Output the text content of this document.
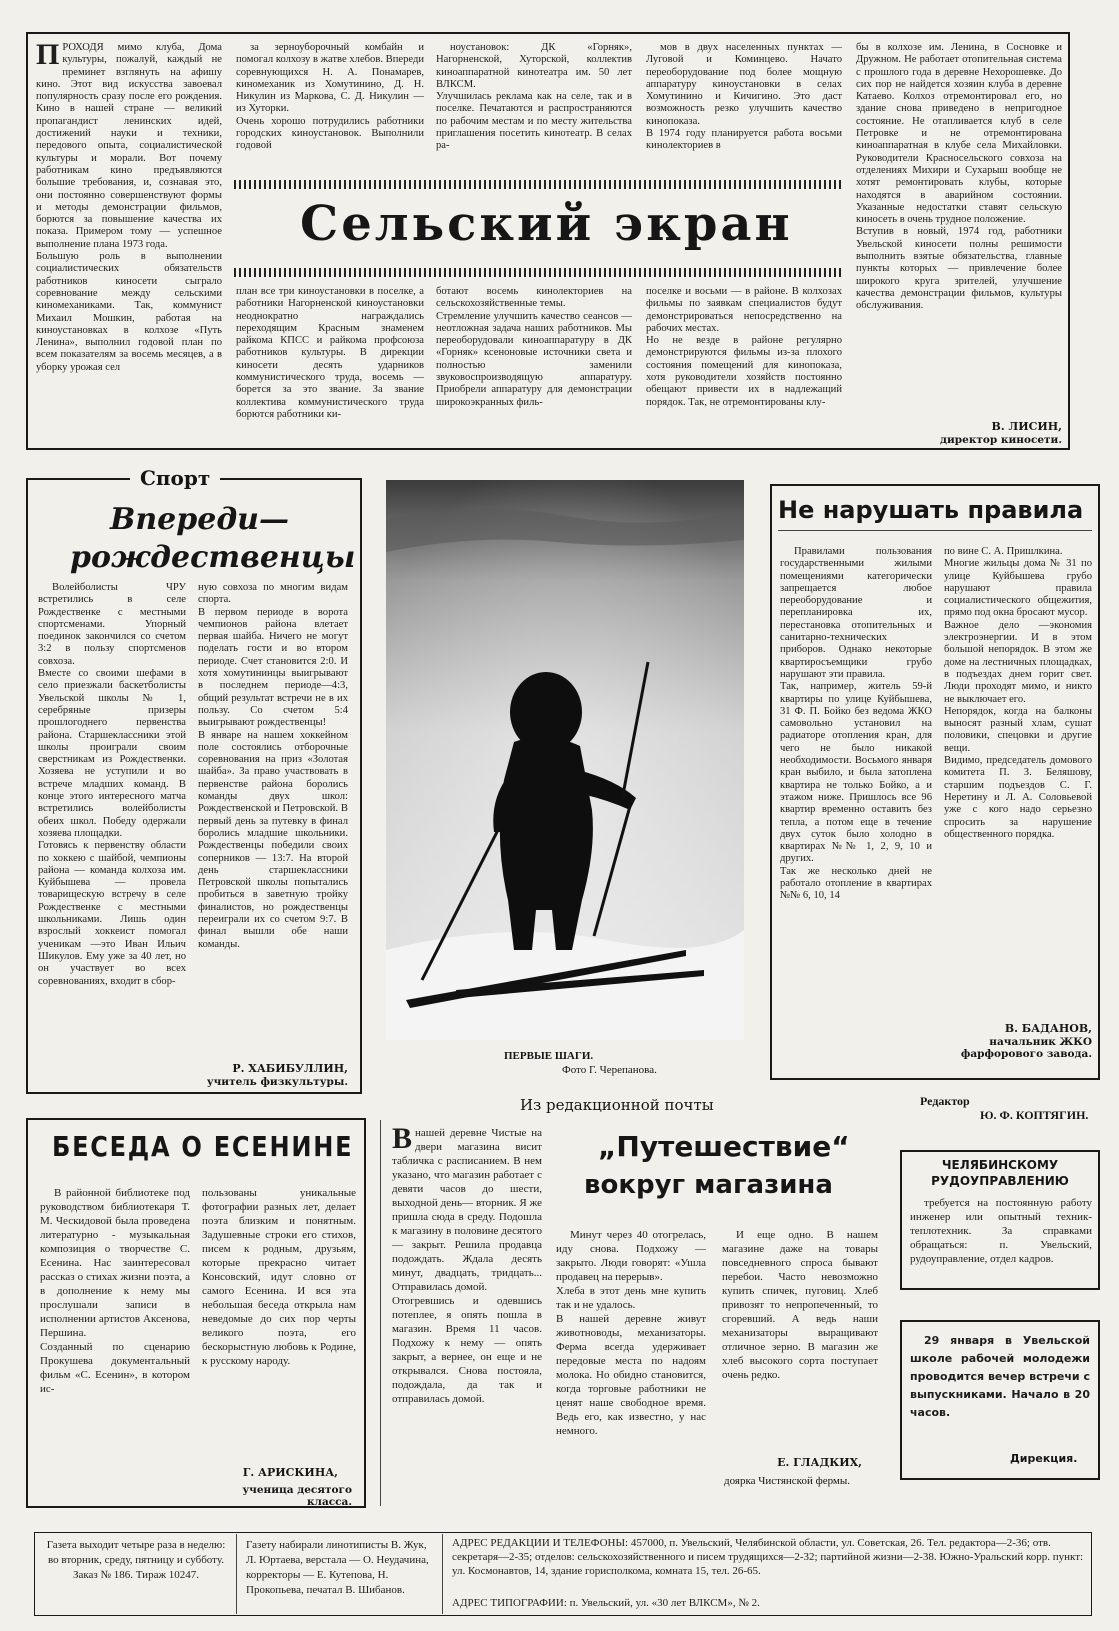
ПРОХОДЯ мимо клуба, Дома культуры, пожалуй, каждый не преминет взглянуть на афишу кино. Этот вид искусства завоевал популярность сразу после его рождения. Кино в нашей стране — великий пропагандист ленинских идей, достижений науки и техники, передового опыта, социалистической культуры и морали. Вот почему работникам кино предъявляются большие требования, и, сознавая это, они постоянно совершенствуют формы и методы демонстрации фильмов, борются за повышение качества их показа. Примером тому — успешное выполнение плана 1973 года.
Большую роль в выполнении социалистических обязательств работников киносети сыграло соревнование между сельскими киномеханиками. Так, коммунист Михаил Мошкин, работая на киноустановках в колхозе «Путь Ленина», выполнил годовой план по всем показателям за восемь месяцев, а в уборку урожая сел

за зерноуборочный комбайн и помогал колхозу в жатве хлебов. Впереди соревнующихся Н. А. Понамарев, киномеханик из Хомутинино, Д. Н. Никулин из Маркова, С. Д. Никулин — из Хуторки.
Очень хорошо потрудились работники городских киноустановок. Выполнили годовой

ноустановок: ДК «Горняк», Нагорненской, Хуторской, коллектив киноаппаратной кинотеатра им. 50 лет ВЛКСМ.
Улучшилась реклама как на селе, так и в поселке. Печатаются и распространяются по рабочим местам и по месту жительства приглашения посетить кинотеатр. В селах ра-

мов в двух населенных пунктах —Луговой и Коминцево. Начато переоборудование под более мощную аппаратуру киноустановки в селах Хомутинино и Кичигино. Это даст возможность резко улучшить качество кинопоказа.
В 1974 году планируется работа восьми кинолекториев в

Сельский экран

план все три киноустановки в поселке, а работники Нагорненской киноустановки неоднократно награждались переходящим Красным знаменем райкома КПСС и райкома профсоюза работников культуры. В дирекции киносети десять ударников коммунистического труда, восемь — борется за это звание. За звание коллектива коммунистического труда борются работники ки-

ботают восемь кинолекториев на сельскохозяйственные темы.
Стремление улучшить качество сеансов —неотложная задача наших работников. Мы переоборудовали киноаппаратуру в ДК «Горняк» ксеноновые источники света и полностью заменили звуковоспроизводящую аппаратуру. Приобрели аппаратуру для демонстрации широкоэкранных филь-

поселке и восьми — в районе. В колхозах фильмы по заявкам специалистов будут демонстрироваться непосредственно на рабочих местах.
Но не везде в районе регулярно демонстрируются фильмы из-за плохого состояния помещений для кинопоказа, хотя руководители хозяйств постоянно обещают привести их в надлежащий порядок. Так, не отремонтированы клу-

бы в колхозе им. Ленина, в Сосновке и Дружном. Не работает отопительная система с прошлого года в деревне Нехорошевке. До сих пор не найдется хозяин клуба в деревне Катаево. Колхоз отремонтировал его, но здание снова приведено в непригодное состояние. Не отапливается клуб в селе Петровке и не отремонтирована киноаппаратная в клубе села Михайловки. Руководители Красносельского совхоза на отделениях Михири и Сухарыш вообще не хотят ремонтировать клубы, которые находятся в аварийном состоянии. Указанные недостатки ставят сельскую киносеть в очень трудное положение.
Вступив в новый, 1974 год, работники Увельской киносети полны решимости выполнить взятые обязательства, главные пункты которых — привлечение более широкого круга зрителей, улучшение качества демонстрации фильмов, культуры обслуживания.

В. ЛИСИН,
директор киносети.
Спорт
Впереди—
рождественцы

Волейболисты ЧРУ встретились в селе Рождественке с местными спортсменами. Упорный поединок закончился со счетом 3:2 в пользу спортсменов совхоза.
Вместе со своими шефами в село приезжали баскетболисты Увельской школы № 1, серебряные призеры прошлогоднего первенства района. Старшеклассники этой школы проиграли своим сверстникам из Рождественки. Хозяева не уступили и во встрече младших команд. В конце этого интересного матча встретились волейболисты обеих школ. Победу одержали хозяева площадки.
Готовясь к первенству области по хоккею с шайбой, чемпионы района — команда колхоза им. Куйбышева — провела товарищескую встречу в селе Рождественке с местными школьниками. Лишь один взрослый хоккеист помогал ученикам —это Иван Ильич Шикулов. Ему уже за 40 лет, но он участвует во всех соревнованиях, входит в сбор-

ную совхоза по многим видам спорта.
В первом периоде в ворота чемпионов района влетает первая шайба. Ничего не могут поделать гости и во втором периоде. Счет становится 2:0. И хотя хомутининцы выигрывают в последнем периоде—4:3, общий результат встречи не в их пользу. Со счетом 5:4 выигрывают рождественцы!
В январе на нашем хоккейном поле состоялись отборочные соревнования на приз «Золотая шайба». За право участвовать в первенстве района боролись команды двух школ: Рождественской и Петровской. В первый день за путевку в финал боролись младшие школьники. Рождественцы победили своих соперников — 13:7. На второй день старшеклассники Петровской школы попытались пробиться в заветную тройку финалистов, но рождественцы переиграли их со счетом 9:7. В финал вышли обе наши команды.

Р. ХАБИБУЛЛИН,
учитель физкультуры.
ПЕРВЫЕ ШАГИ.
Фото Г. Черепанова.
Не нарушать правила

Правилами пользования государственными жилыми помещениями категорически запрещается любое переоборудование и перепланировка их, перестановка отопительных и санитарно-технических приборов. Однако некоторые квартиросъемщики грубо нарушают эти правила.
Так, например, житель 59-й квартиры по улице Куйбышева, 31 Ф. П. Бойко без ведома ЖКО самовольно установил на радиаторе отопления кран, для чего не было никакой необходимости. Восьмого января кран выбило, и была затоплена квартира не только Бойко, а и этажом ниже. Пришлось все 96 квартир временно оставить без тепла, а потом еще в течение двух суток было холодно в квартирах №№ 1, 2, 9, 10 и других.
Так же несколько дней не работало отопление в квартирах №№ 6, 10, 14

по вине С. А. Пришлкина.
Многие жильцы дома № 31 по улице Куйбышева грубо нарушают правила социалистического общежития, прямо под окна бросают мусор.
Важное дело —экономия электроэнергии. И в этом большой непорядок. В этом же доме на лестничных площадках, в подъездах днем горит свет. Люди проходят мимо, и никто не выключает его.
Непорядок, когда на балконы выносят разный хлам, сушат половики, спецовки и другие вещи.
Видимо, председатель домового комитета П. З. Беляшову, старшим подъездов С. Г. Неретину и Л. А. Соловьевой уже с кого надо серьезно спросить за нарушение общественного порядка.

В. БАДАНОВ,
начальник ЖКО фарфорового завода.
Из редакционной почты	Редактор
Ю. Ф. КОПТЯГИН.
БЕСЕДА О ЕСЕНИНЕ

В районной библиотеке под руководством библиотекаря Т. М. Ческидовой была проведена литературно - музыкальная композиция о творчестве С. Есенина. Нас заинтересовал рассказ о стихах жизни поэта, а в дополнение к нему мы прослушали записи в исполнении артистов Аксенова, Першина.
Созданный по сценарию Прокушева документальный фильм «С. Есенин», в котором ис-

пользованы уникальные фотографии разных лет, делает поэта близким и понятным. Задушевные строки его стихов, писем к родным, друзьям, которые прекрасно читает Консовский, идут словно от самого Есенина. И вся эта небольшая беседа открыла нам неведомые до сих пор черты великого поэта, его бескорыстную любовь к Родине, к русскому народу.

Г. АРИСКИНА,
ученица десятого класса.

Внашей деревне Чистые на двери магазина висит табличка с расписанием. В нем указано, что магазин работает с девяти часов до шести, выходной день— вторник. Я же пришла сюда в среду. Подошла к магазину в половине десятого — закрыт. Решила продавца подождать. Ждала десять минут, двадцать, тридцать... Отправилась домой.
Отогревшись и одевшись потеплее, я опять пошла в магазин. Время 11 часов. Подхожу к нему — опять закрыт, а вернее, он еще и не открывался. Снова постояла, подождала, да так и отправилась домой.

„Путешествие“
вокруг магазина

Минут через 40 отогрелась, иду снова. Подхожу — закрыто. Люди говорят: «Ушла продавец на перерыв».
Хлеба в этот день мне купить так и не удалось.
В нашей деревне живут животноводы, механизаторы. Ферма всегда удерживает передовые места по надоям молока. Но обидно становится, когда торговые работники не ценят наше свободное время. Ведь его, как известно, у нас немного.

И еще одно. В нашем магазине даже на товары повседневного спроса бывают перебои. Часто невозможно купить спичек, пуговиц. Хлеб привозят то непропеченный, то сгоревший. А ведь наши механизаторы выращивают отличное зерно. В магазин же хлеб высокого сорта поступает очень редко.

Е. ГЛАДКИХ,
доярка Чистянской фермы.
ЧЕЛЯБИНСКОМУ
РУДОУПРАВЛЕНИЮ

требуется на постоянную работу инженер или опытный техник-теплотехник. За справками обращаться: п. Увельский, рудоуправление, отдел кадров.

29 января в Увельской школе рабочей молодежи проводится вечер встречи с выпускниками. Начало в 20 часов.

Дирекция.
Газета выходит четыре раза в неделю: во вторник, среду, пятницу и субботу. Заказ № 186. Тираж 10247.
Газету набирали линотиписты В. Жук, Л. Юртаева, верстала — О. Неудачина, корректоры — Е. Кутепова, Н. Прокопьева, печатал В. Шибанов.
АДРЕС РЕДАКЦИИ И ТЕЛЕФОНЫ: 457000, п. Увельский, Челябинской области, ул. Советская, 26. Тел. редактора—2-36; отв. секретаря—2-35; отделов: сельскохозяйственного и писем трудящихся—2-32; партийной жизни—2-38. Южно-Уральский корр. пункт: ул. Космонавтов, 14, здание горисполкома, комната 15, тел. 26-65.
АДРЕС ТИПОГРАФИИ: п. Увельский, ул. «30 лет ВЛКСМ», № 2.
